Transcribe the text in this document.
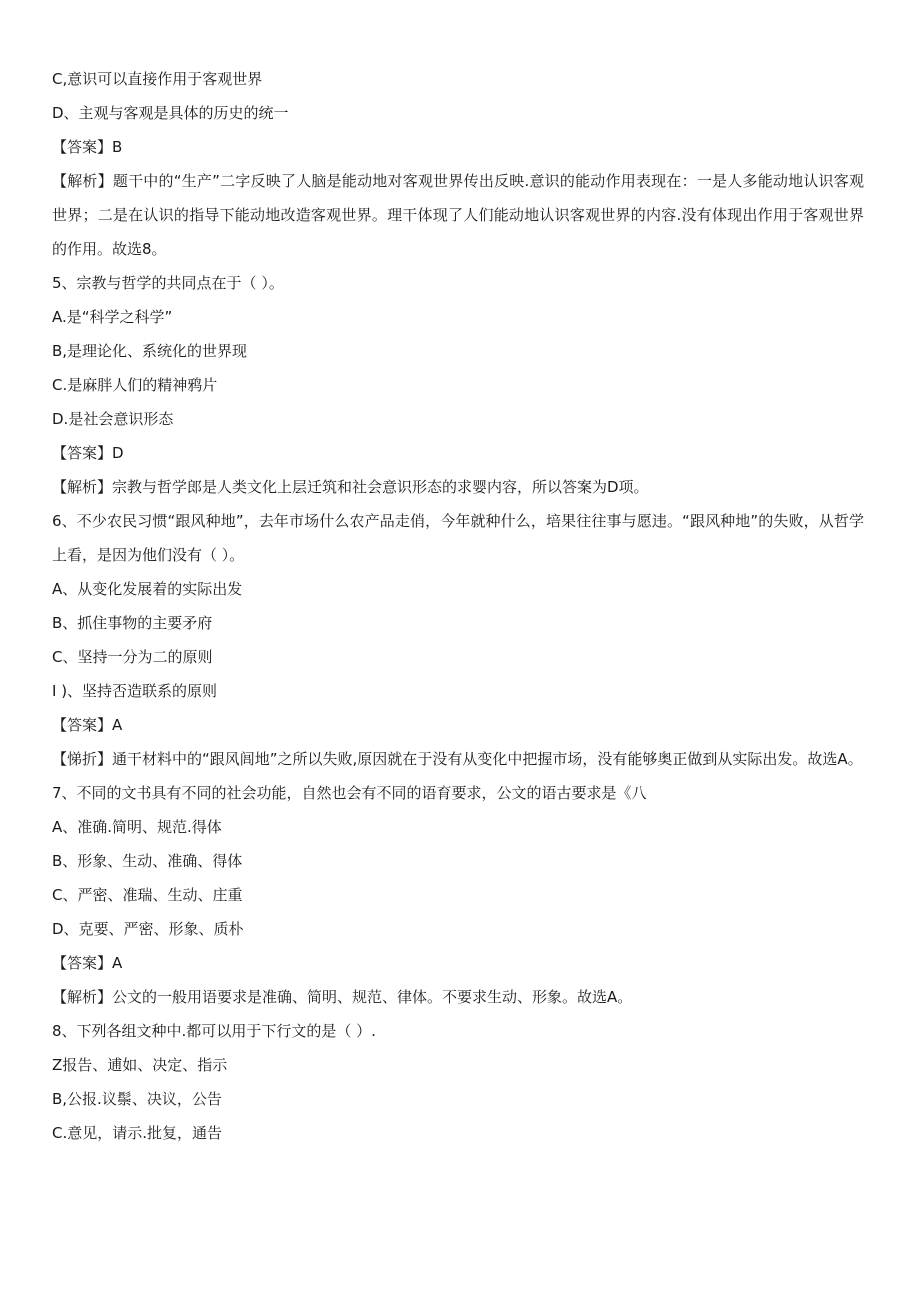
C,意识可以直接作用于客观世界

D、主观与客观是具体的历史的统一

【答案】B

【解析】题干中的“生产”二字反映了人脑是能动地对客观世界传出反映.意识的能动作用表现在：一是人多能动地认识客观世界；二是在认识的指导下能动地改造客观世界。理干体现了人们能动地认识客观世界的内容.没有体现出作用于客观世界的作用。故选8。

5、宗教与哲学的共同点在于（ ）。

A.是“科学之科学”

B,是理论化、系统化的世界现

C.是麻胖人们的精神鸦片

D.是社会意识形态

【答案】D

【解析】宗教与哲学郎是人类文化上层迁筑和社会意识形态的求婴内容，所以答案为D项。

6、不少农民习惯“跟风种地”，去年市场什么农产品走俏，今年就种什么，培果往往事与愿违。“跟风种地”的失败，从哲学上看，是因为他们没有（ ）。

A、从变化发展着的实际出发

B、抓住事物的主要矛府

C、坚持一分为二的原则

I )、坚持否造联系的原则

【答案】A

【悌折】通干材料中的“跟风闾地”之所以失败,原因就在于没有从变化中把握市场，没有能够奥正做到从实际出发。故选A。

7、不同的文书具有不同的社会功能，自然也会有不同的语育要求，公文的语古要求是《八

A、准确.简明、规范.得体

B、形象、生动、准确、得体

C、严密、准瑞、生动、庄重

D、克要、严密、形象、质朴

【答案】A

【解析】公文的一般用语要求是准确、简明、规范、律体。不要求生动、形象。故选A。

8、下列各组文种中.都可以用于下行文的是（ ）.

Z报告、逋如、决定、指示

B,公报.议鬃、决议，公告

C.意见，请示.批复，通告
